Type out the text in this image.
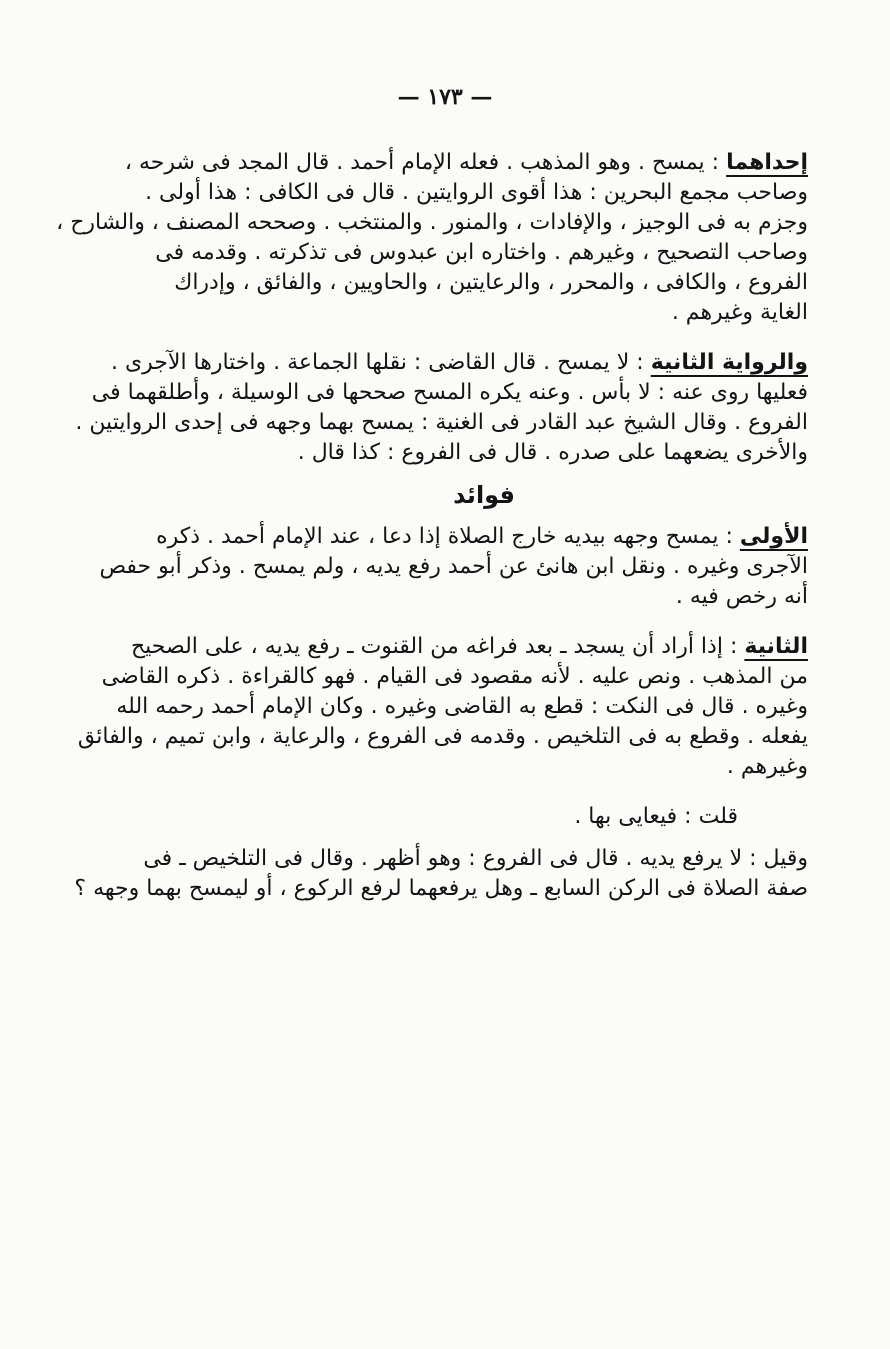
— ١٧٣ —
إحداهما : يمسح . وهو المذهب . فعله الإمام أحمد . قال المجد فى شرحه ،
وصاحب مجمع البحرين : هذا أقوى الروايتين . قال فى الكافى : هذا أولى .
وجزم به فى الوجيز ، والإفادات ، والمنور . والمنتخب . وصححه المصنف ، والشارح ،
وصاحب التصحيح ، وغيرهم . واختاره ابن عبدوس فى تذكرته . وقدمه فى
الفروع ، والكافى ، والمحرر ، والرعايتين ، والحاويين ، والفائق ، وإدراك
الغاية وغيرهم .
والرواية الثانية : لا يمسح . قال القاضى : نقلها الجماعة . واختارها الآجرى .
فعليها روى عنه : لا بأس . وعنه يكره المسح صححها فى الوسيلة ، وأطلقهما فى
الفروع . وقال الشيخ عبد القادر فى الغنية : يمسح بهما وجهه فى إحدى الروايتين .
والأخرى يضعهما على صدره . قال فى الفروع : كذا قال .
فوائد
الأولى : يمسح وجهه بيديه خارج الصلاة إذا دعا ، عند الإمام أحمد . ذكره
الآجرى وغيره . ونقل ابن هانئ عن أحمد رفع يديه ، ولم يمسح . وذكر أبو حفص
أنه رخص فيه .
الثانية : إذا أراد أن يسجد ـ بعد فراغه من القنوت ـ رفع يديه ، على الصحيح
من المذهب . ونص عليه . لأنه مقصود فى القيام . فهو كالقراءة . ذكره القاضى
وغيره . قال فى النكت : قطع به القاضى وغيره . وكان الإمام أحمد رحمه الله
يفعله . وقطع به فى التلخيص . وقدمه فى الفروع ، والرعاية ، وابن تميم ، والفائق
وغيرهم .
قلت : فيعايى بها .
وقيل : لا يرفع يديه . قال فى الفروع : وهو أظهر . وقال فى التلخيص ـ فى
صفة الصلاة فى الركن السابع ـ وهل يرفعهما لرفع الركوع ، أو ليمسح بهما وجهه ؟
